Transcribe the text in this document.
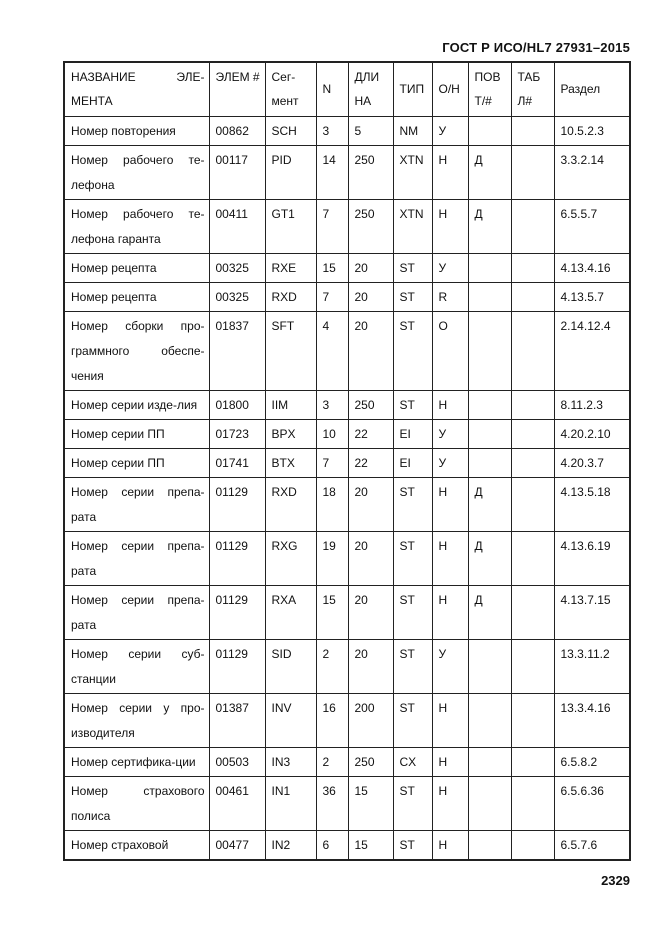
ГОСТ Р ИСО/HL7 27931–2015
НАЗВАНИЕ ЭЛЕ-МЕНТА	ЭЛЕМ #	Сег-мент	N	ДЛИ НА	ТИП	О/Н	ПОВ Т/#	ТАБ Л#	Раздел
Номер повторения	00862	SCH	3	5	NM	У			10.5.2.3
Номер рабочего те-лефона	00117	PID	14	250	XTN	Н	Д		3.3.2.14
Номер рабочего те-лефона гаранта	00411	GT1	7	250	XTN	Н	Д		6.5.5.7
Номер рецепта	00325	RXE	15	20	ST	У			4.13.4.16
Номер рецепта	00325	RXD	7	20	ST	R			4.13.5.7
Номер сборки про-граммного обеспе-чения	01837	SFT	4	20	ST	O			2.14.12.4
Номер серии изде-лия	01800	IIM	3	250	ST	Н			8.11.2.3
Номер серии ПП	01723	BPX	10	22	EI	У			4.20.2.10
Номер серии ПП	01741	BTX	7	22	EI	У			4.20.3.7
Номер серии препа-рата	01129	RXD	18	20	ST	Н	Д		4.13.5.18
Номер серии препа-рата	01129	RXG	19	20	ST	Н	Д		4.13.6.19
Номер серии препа-рата	01129	RXA	15	20	ST	Н	Д		4.13.7.15
Номер серии суб-станции	01129	SID	2	20	ST	У			13.3.11.2
Номер серии у про-изводителя	01387	INV	16	200	ST	Н			13.3.4.16
Номер сертифика-ции	00503	IN3	2	250	CX	Н			6.5.8.2
Номер страхового полиса	00461	IN1	36	15	ST	Н			6.5.6.36
Номер страховой	00477	IN2	6	15	ST	Н			6.5.7.6
2329
